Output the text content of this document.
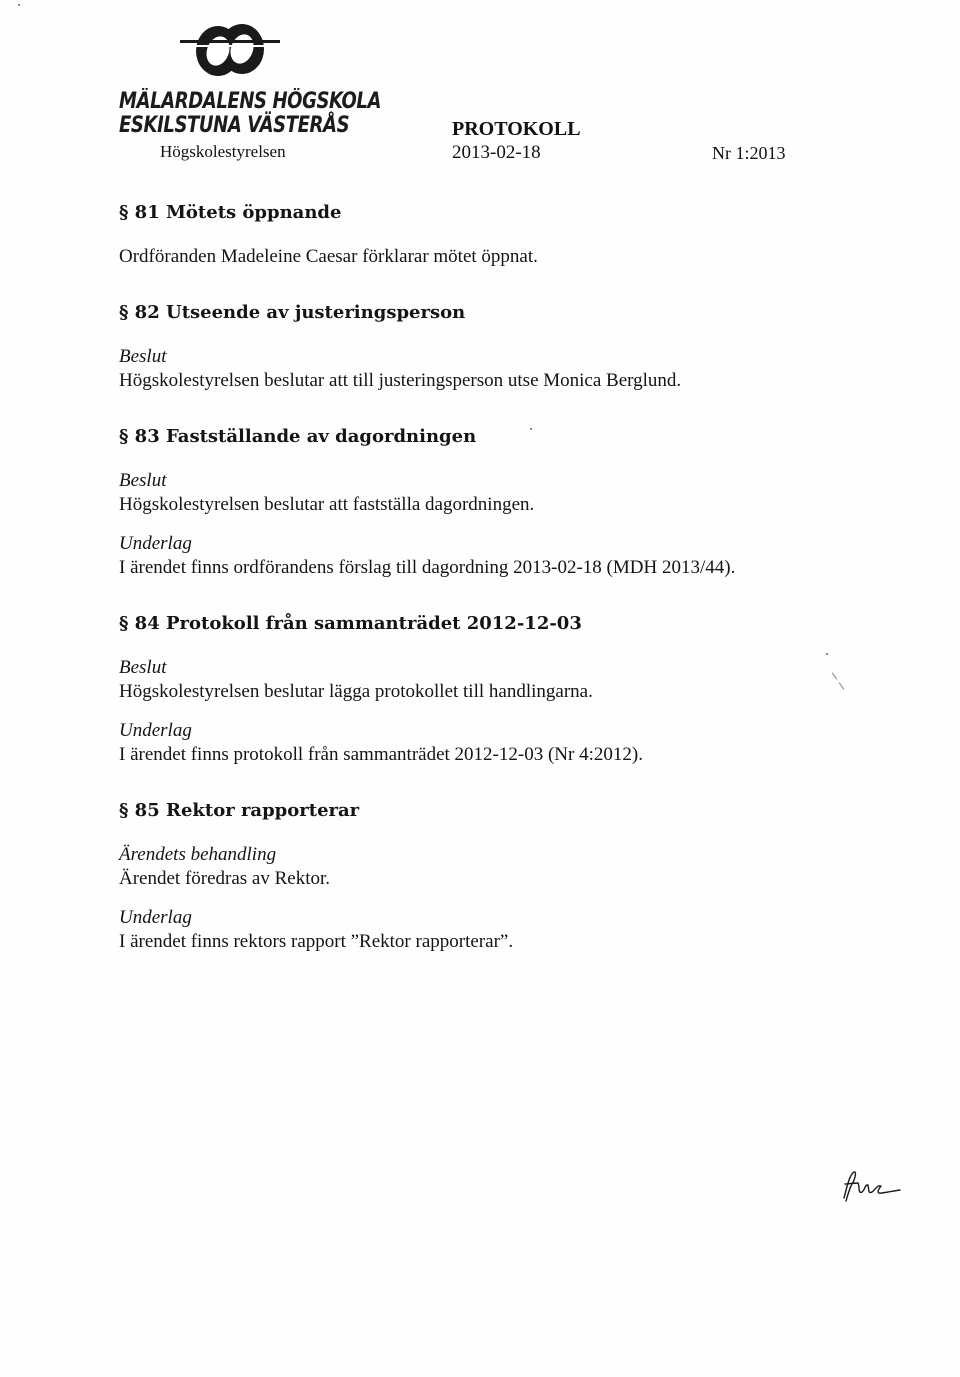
MÄLARDALENS HÖGSKOLA
ESKILSTUNA VÄSTERÅS
Högskolestyrelsen
PROTOKOLL
2013-02-18	Nr 1:2013
§ 81 Mötets öppnande
Ordföranden Madeleine Caesar förklarar mötet öppnat.
§ 82 Utseende av justeringsperson
Beslut
Högskolestyrelsen beslutar att till justeringsperson utse Monica Berglund.
§ 83 Fastställande av dagordningen
Beslut
Högskolestyrelsen beslutar att fastställa dagordningen.
Underlag
I ärendet finns ordförandens förslag till dagordning 2013-02-18 (MDH 2013/44).
§ 84 Protokoll från sammanträdet 2012-12-03
Beslut
Högskolestyrelsen beslutar lägga protokollet till handlingarna.
Underlag
I ärendet finns protokoll från sammanträdet 2012-12-03 (Nr 4:2012).
§ 85 Rektor rapporterar
Ärendets behandling
Ärendet föredras av Rektor.
Underlag
I ärendet finns rektors rapport ”Rektor rapporterar”.
